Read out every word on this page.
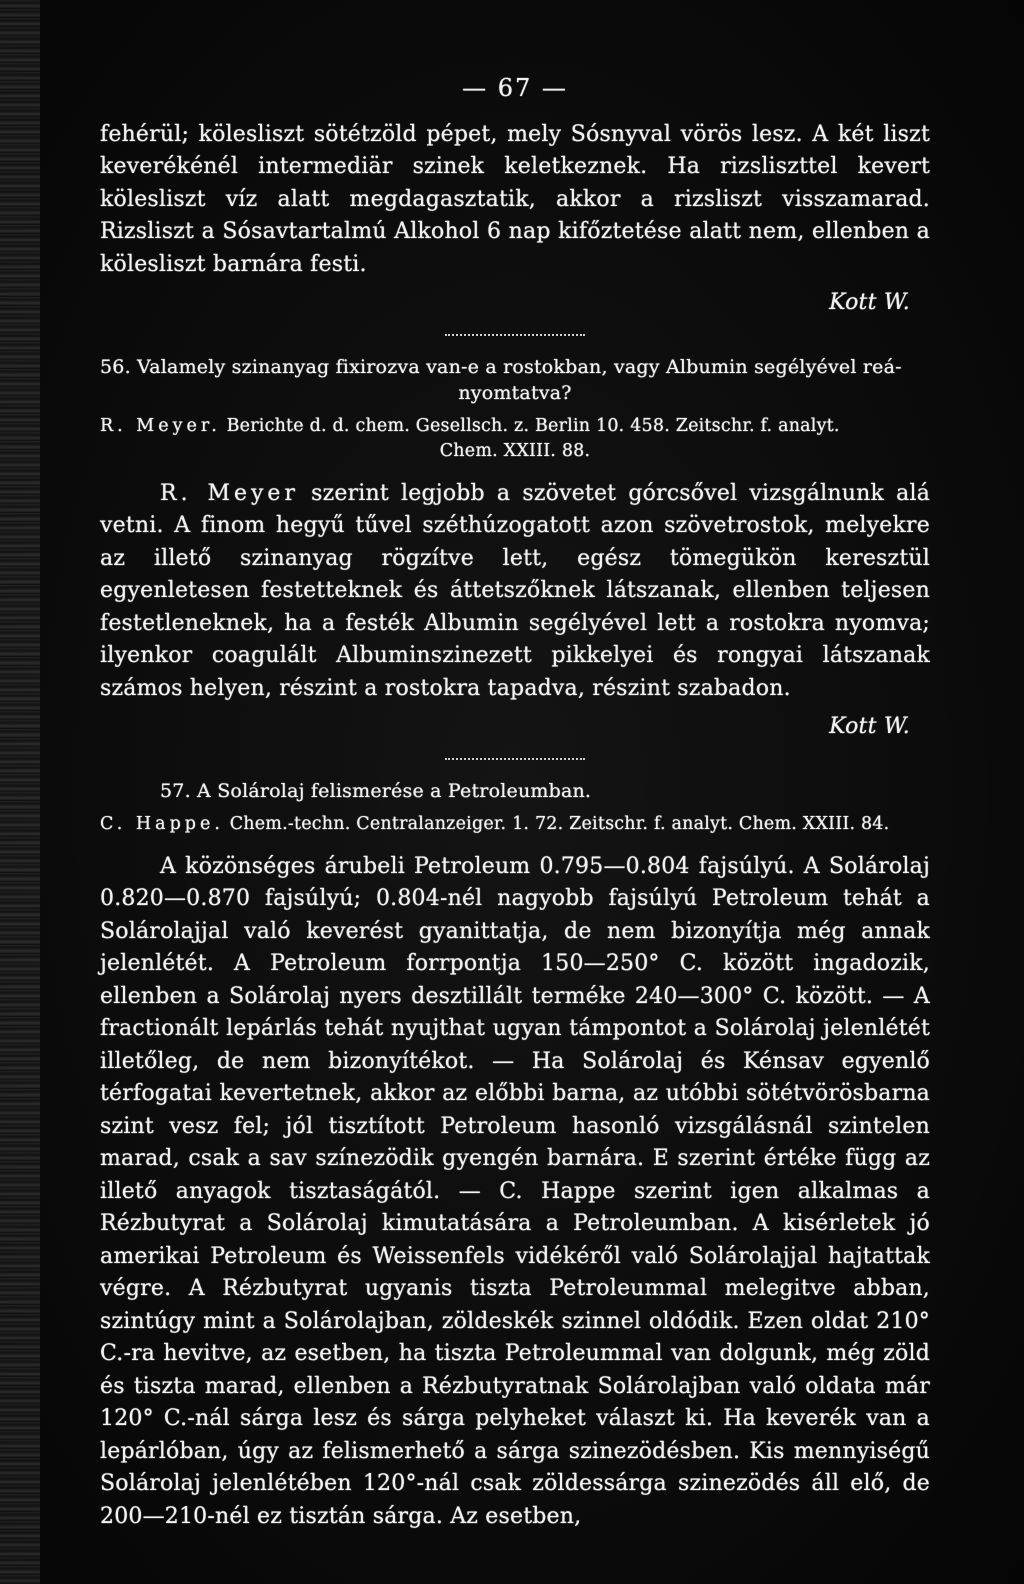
— 67 —

fehérül; kölesliszt sötétzöld pépet, mely Sósnyval vörös lesz. A két liszt keverékénél intermediär szinek keletkeznek. Ha rizsliszttel kevert kölesliszt víz alatt megdagasztatik, akkor a rizsliszt visszamarad. Rizsliszt a Sósavtartalmú Alkohol 6 nap kifőztetése alatt nem, ellenben a kölesliszt barnára festi.

Kott W.
56. Valamely szinanyag fixirozva van-e a rostokban, vagy Albumin segélyével reá-
nyomtatva?
R. Meyer. Berichte d. d. chem. Gesellsch. z. Berlin 10. 458. Zeitschr. f. analyt.
Chem. XXIII. 88.

R. Meyer szerint legjobb a szövetet górcsővel vizsgálnunk alá vetni. A finom hegyű tűvel széthúzogatott azon szövetrostok, melyekre az illető szinanyag rögzítve lett, egész tömegükön keresztül egyenletesen festetteknek és áttetszőknek látszanak, ellenben teljesen festetleneknek, ha a festék Albumin segélyével lett a rostokra nyomva; ilyenkor coagulált Albuminszinezett pikkelyei és rongyai látszanak számos helyen, részint a rostokra tapadva, részint szabadon.

Kott W.
57. A Solárolaj felismerése a Petroleumban.
C. Happe. Chem.-techn. Centralanzeiger. 1. 72. Zeitschr. f. analyt. Chem. XXIII. 84.

A közönséges árubeli Petroleum 0.795—0.804 fajsúlyú. A Solárolaj 0.820—0.870 fajsúlyú; 0.804-nél nagyobb fajsúlyú Petroleum tehát a Solárolajjal való keverést gyanittatja, de nem bizonyítja még annak jelenlétét. A Petroleum forrpontja 150—250° C. között ingadozik, ellenben a Solárolaj nyers desztillált terméke 240—300° C. között. — A fractionált lepárlás tehát nyujthat ugyan támpontot a Solárolaj jelenlétét illetőleg, de nem bizonyítékot. — Ha Solárolaj és Kénsav egyenlő térfogatai kevertetnek, akkor az előbbi barna, az utóbbi sötétvörösbarna szint vesz fel; jól tisztított Petroleum hasonló vizsgálásnál szintelen marad, csak a sav színezödik gyengén barnára. E szerint értéke függ az illető anyagok tisztaságától. — C. Happe szerint igen alkalmas a Rézbutyrat a Solárolaj kimutatására a Petroleumban. A kisérletek jó amerikai Petroleum és Weissenfels vidékéről való Solárolajjal hajtattak végre. A Rézbutyrat ugyanis tiszta Petroleummal melegitve abban, szintúgy mint a Solárolajban, zöldeskék szinnel oldódik. Ezen oldat 210° C.-ra hevitve, az esetben, ha tiszta Petroleummal van dolgunk, még zöld és tiszta marad, ellenben a Rézbutyratnak Solárolajban való oldata már 120° C.-nál sárga lesz és sárga pelyheket választ ki. Ha keverék van a lepárlóban, úgy az felismerhető a sárga szinezödésben. Kis mennyiségű Solárolaj jelenlétében 120°-nál csak zöldessárga szinezödés áll elő, de 200—210-nél ez tisztán sárga. Az esetben,
